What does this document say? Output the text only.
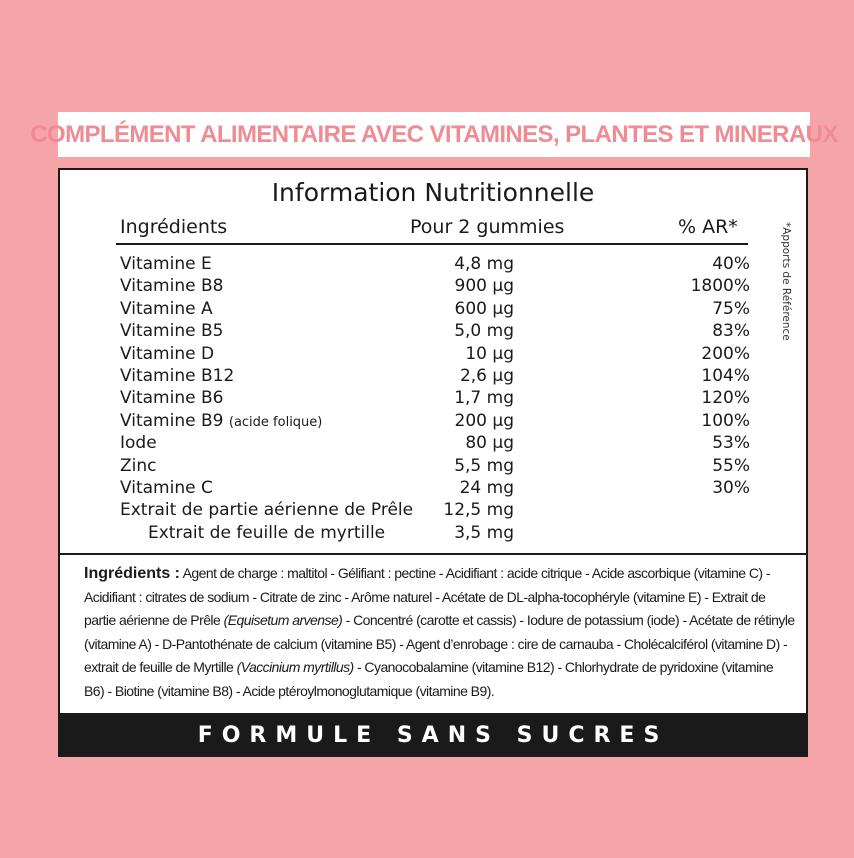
COMPLÉMENT ALIMENTAIRE AVEC VITAMINES, PLANTES ET MINERAUX
Information Nutritionnelle
Ingrédients	Pour 2 gummies	% AR*	*Apports de Référence
Vitamine E	4,8 mg	40%
Vitamine B8	900 µg	1800%
Vitamine A	600 µg	75%
Vitamine B5	5,0 mg	83%
Vitamine D	10 µg	200%
Vitamine B12	2,6 µg	104%
Vitamine B6	1,7 mg	120%
Vitamine B9 (acide folique)	200 µg	100%
Iode	80 µg	53%
Zinc	5,5 mg	55%
Vitamine C	24 mg	30%
Extrait de partie aérienne de Prêle	12,5 mg
Extrait de feuille de myrtille	3,5 mg
Ingrédients : Agent de charge : maltitol - Gélifiant : pectine - Acidifiant : acide citrique - Acide ascorbique (vitamine C) - Acidifiant : citrates de sodium - Citrate de zinc - Arôme naturel - Acétate de DL-alpha-tocophéryle (vitamine E) - Extrait de partie aérienne de Prêle (Equisetum arvense) - Concentré (carotte et cassis) - Iodure de potassium (iode) - Acétate de rétinyle (vitamine A) - D-Pantothénate de calcium (vitamine B5) - Agent d’enrobage : cire de carnauba - Cholécalciférol (vitamine D) - extrait de feuille de Myrtille (Vaccinium myrtillus) - Cyanocobalamine (vitamine B12) - Chlorhydrate de pyridoxine (vitamine B6) - Biotine (vitamine B8) - Acide ptéroylmonoglutamique (vitamine B9).
FORMULE SANS SUCRES
